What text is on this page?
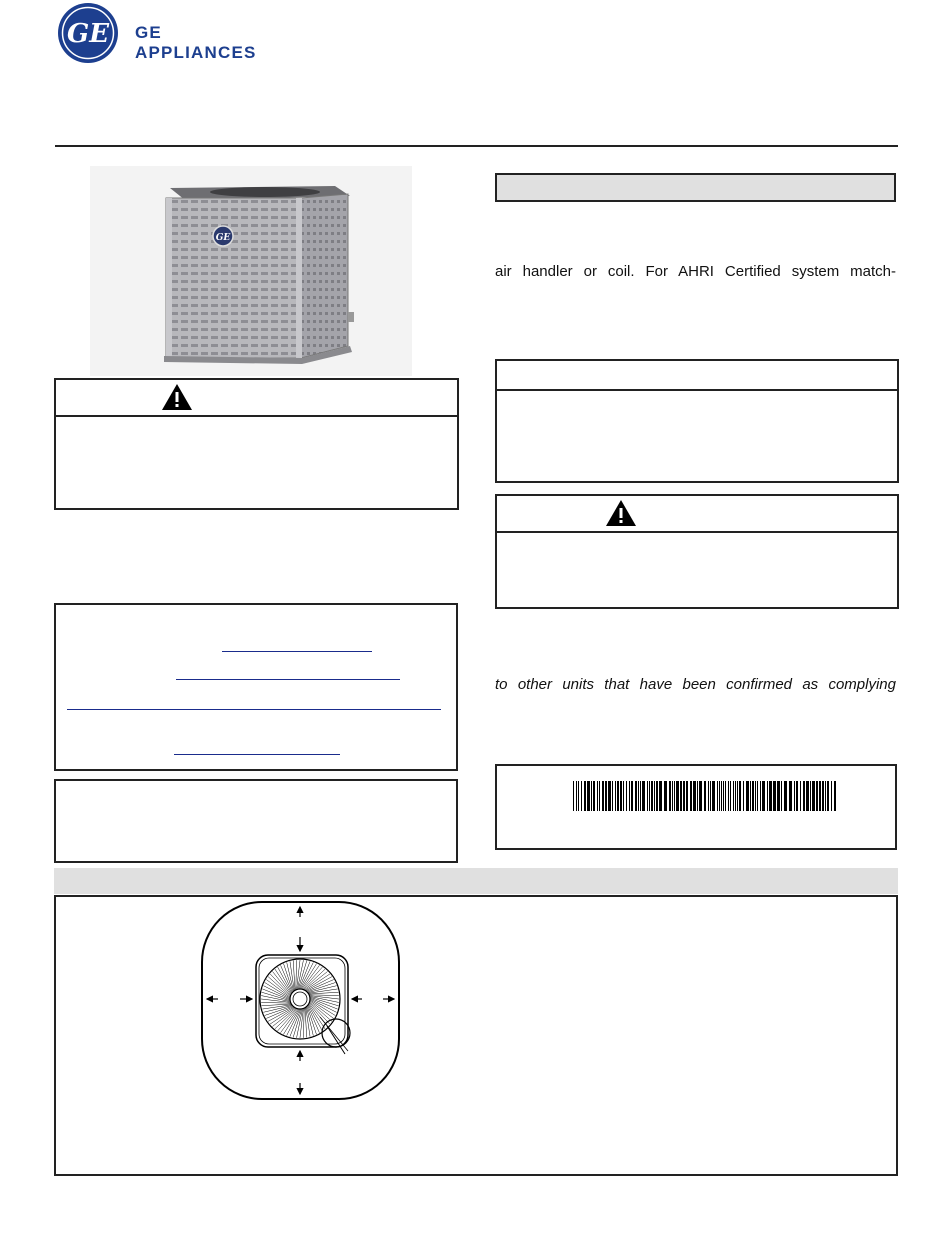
GE GE APPLIANCES
GE
air handler or coil. For AHRI Certified system match-
to other units that have been confirmed as complying
